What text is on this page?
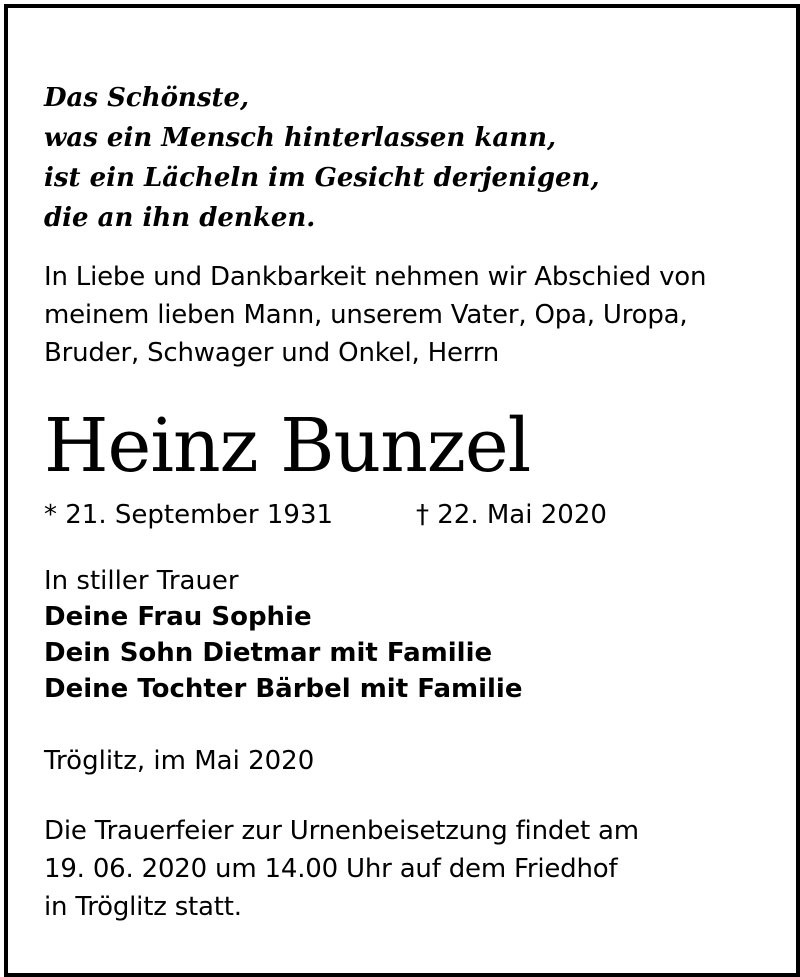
Das Schönste,
was ein Mensch hinterlassen kann,
ist ein Lächeln im Gesicht derjenigen,
die an ihn denken.
In Liebe und Dankbarkeit nehmen wir Abschied von
meinem lieben Mann, unserem Vater, Opa, Uropa,
Bruder, Schwager und Onkel, Herrn
Heinz Bunzel
* 21. September 1931	† 22. Mai 2020
In stiller Trauer
Deine Frau Sophie
Dein Sohn Dietmar mit Familie
Deine Tochter Bärbel mit Familie
Tröglitz, im Mai 2020
Die Trauerfeier zur Urnenbeisetzung findet am
19. 06. 2020 um 14.00 Uhr auf dem Friedhof
in Tröglitz statt.
